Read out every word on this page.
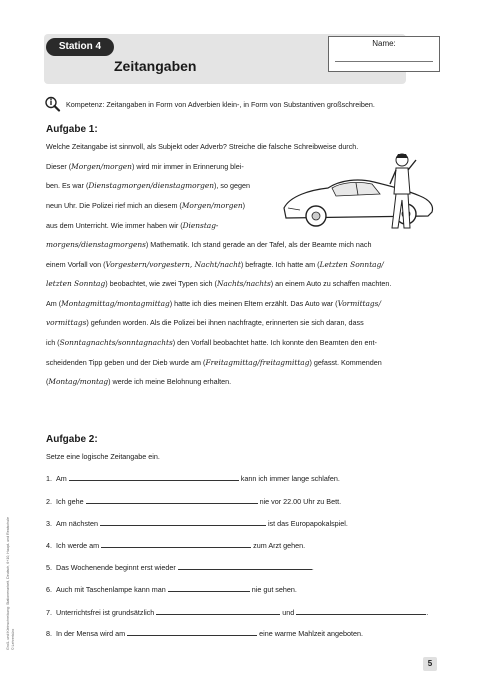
Station 4
Zeitangaben
Name:
Kompetenz: Zeitangaben in Form von Adverbien klein-, in Form von Substantiven großschreiben.
Aufgabe 1:
Welche Zeitangabe ist sinnvoll, als Subjekt oder Adverb? Streiche die falsche Schreibweise durch.
Dieser (Morgen/morgen) wird mir immer in Erinnerung blei-
ben. Es war (Dienstagmorgen/dienstagmorgen), so gegen
neun Uhr. Die Polizei rief mich an diesem (Morgen/morgen)
aus dem Unterricht. Wie immer haben wir (Dienstag-
morgens/dienstagmorgens) Mathematik. Ich stand gerade an der Tafel, als der Beamte mich nach
einem Vorfall von (Vorgestern/vorgestern, Nacht/nacht) befragte. Ich hatte am (Letzten Sonntag/
letzten Sonntag) beobachtet, wie zwei Typen sich (Nachts/nachts) an einem Auto zu schaffen machten.
Am (Montagmittag/montagmittag) hatte ich dies meinen Eltern erzählt. Das Auto war (Vormittags/
vormittags) gefunden worden. Als die Polizei bei ihnen nachfragte, erinnerten sie sich daran, dass
ich (Sonntagnachts/sonntagnachts) den Vorfall beobachtet hatte. Ich konnte den Beamten den ent-
scheidenden Tipp geben und der Dieb wurde am (Freitagmittag/freitagmittag) gefasst. Kommenden
(Montag/montag) werde ich meine Belohnung erhalten.
Aufgabe 2:
Setze eine logische Zeitangabe ein.
1. Am	kann ich immer lange schlafen.
2. Ich gehe	nie vor 22.00 Uhr zu Bett.
3. Am nächsten	ist das Europapokalspiel.
4. Ich werde am	zum Arzt gehen.
5. Das Wochenende beginnt erst wieder	.
6. Auch mit Taschenlampe kann man	nie gut sehen.
7. Unterrichtsfrei ist grundsätzlich	und	.
8. In der Mensa wird am	eine warme Mahlzeit angeboten.
Groß- und Kleinschreibung: Stationenarbeit, Deutsch, 6+10, Haupt- und Realschule © Lehrerbüro
5
